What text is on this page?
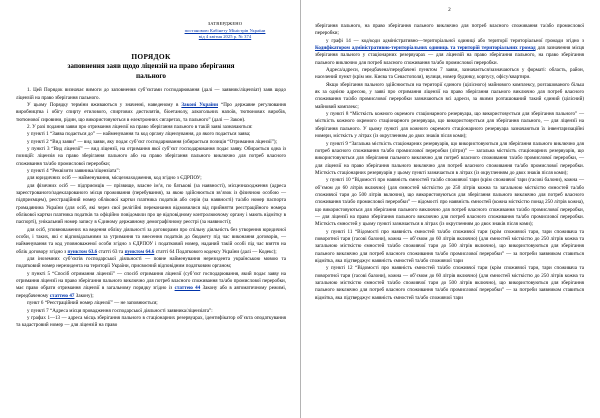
ЗАТВЕРДЖЕНО
постановою Кабінету Міністрів України
від 4 квітня 2025 р. № 374
ПОРЯДОК
заповнення заяв щодо ліцензій на право зберігання
пального

1. Цей Порядок визначає вимоги до заповнення суб’єктами господарювання (далі — заявник/ліцензіат) заяв щодо ліцензій на право зберігання пального.

У цьому Порядку терміни вживаються у значенні, наведеному в Законі України “Про державне регулювання виробництва і обігу спирту етилового, спиртових дистилятів, біоетанолу, алкогольних напоїв, тютюнових виробів, тютюнової сировини, рідин, що використовуються в електронних сигаретах, та пального” (далі — Закон).

2. У разі подання заяви про отримання ліцензії на право зберігання пального в такій заяві зазначаються:

у пункті 1 “Заява подається до” — найменування та код органу ліцензування, до якого подається заява;

у пункті 2 “Вид заяви” — вид заяви, яку подає суб’єкт господарювання (обирається позиція “Отримання ліцензії”);

у пункті 3 “Вид ліцензії” — вид ліцензії, на отримання якої суб’єкт господарювання подає заяву. Обирається одна із позицій: ліцензія на право зберігання пального або на право зберігання пального виключно для потреб власного споживання та/або промислової переробки;

у пункті 4 “Реквізити заявника/ліцензіата”:

для юридичних осіб — найменування, місцезнаходження, код згідно з ЄДРПОУ;

для фізичних осіб — підприємців — прізвище, власне ім’я, по батькові (за наявності), місцезнаходження (адреса зареєстрованого/задекларованого місця проживання (перебування), за якою здійснюється зв’язок із фізичною особою — підприємцем), реєстраційний номер облікової картки платника податків або серія (за наявності) та/або номер паспорта громадянина України (для осіб, які через свої релігійні переконання відмовилися від прийняття реєстраційного номера облікової картки платника податків та офіційно повідомили про це відповідному контролюючому органу і мають відмітку в паспорті), унікальний номер запису в Єдиному державному демографічному реєстрі (за наявності);

для осіб, уповноважених на ведення обліку діяльності за договорами про спільну діяльність без утворення юридичної особи, і таких, які є відповідальними за утримання та внесення податків до бюджету під час виконання договорів, — найменування та код уповноваженої особи згідно з ЄДРПОУ і податковий номер, наданий такій особі під час взяття на облік договору згідно з пунктом 63.6 статті 63 та пунктом 64.6 статті 64 Податкового кодексу України (далі — Кодекс);

для іноземних суб’єктів господарської діяльності — повне найменування нерезидента українською мовою та податковий номер нерезидента на території України, присвоєний відповідним податковим органом;

у пункті 5 “Спосіб отримання ліцензії” — спосіб отримання ліцензії (суб’єкт господарювання, який подає заяву на отримання ліцензії на право зберігання пального виключно для потреб власного споживання та/або промислової переробки, має право обрати отримання ліцензії в загальному порядку згідно із статтею 44 Закону або в автоматичному режимі, передбаченому статтею 47 Закону);

пункт 6 “Реєстраційний номер ліцензії” — не заповнюється;

у пункті 7 “Адреса місця провадження господарської діяльності заявника/ліцензіата”:

у графах 1—13 — адреса місць зберігання пального в стаціонарних резервуарах, ідентифікатор об’єкта оподаткування та кадастровий номер — для ліцензій на право

2

зберігання пального, на право зберігання пального виключно для потреб власного споживання та/або промислової переробки;

у графі 14 — код/коди адміністративно—територіальної одиниці або території територіальної громади згідно з Кодифікатором адміністративно-територіальних одиниць та територій територіальних громад для зазначення місця зберігання пального у стаціонарних резервуарах — для ліцензій на право зберігання пального, на право зберігання пального виключно для потреб власного споживання та/або промислової переробки.

Адреса/адреси, передбачена/передбачені пунктом 7 заяви, зазначається/зазначаються у форматі: область, район, населений пункт (крім мм. Києва та Севастополя), вулиця, номер будинку, корпусу, офісу/квартири.

Якщо зберігання пального здійснюється на території єдиного (цілісного) майнового комплексу, розташованого більш як за однією адресою, у заяві про отримання ліцензії на право зберігання пального виключно для потреб власного споживання та/або промислової переробки зазначаються всі адреси, за якими розташований такий єдиний (цілісний) майновий комплекс;

у пункті 8 “Місткість кожного окремого стаціонарного резервуара, що використовується для зберігання пального” — місткість кожного окремого стаціонарного резервуара, що використовується для зберігання пального, — для ліцензії на зберігання пального. У цьому пункті для кожного окремого стаціонарного резервуара зазначаються їх інвентаризаційні номери, місткість у літрах (із округленням до двох знаків після коми);

у пункті 9 “Загальна місткість стаціонарних резервуарів, що використовуються для зберігання пального виключно для потреб власного споживання та/або промислової переробки (літри)” — загальна місткість стаціонарних резервуарів, що використовуються для зберігання пального виключно для потреб власного споживання та/або промислової переробки, — для ліцензії на право зберігання пального виключно для потреб власного споживання та/або промислової переробки. Місткість стаціонарних резервуарів у цьому пункті зазначається в літрах (із округленням до двох знаків після коми);

у пункті 10 “Відомості про наявність ємностей та/або споживчої тари (крім споживчої тари (гасові балони), кожна — об’ємом до 60 літрів включно) (для ємностей місткістю до 250 літрів кожна та загальною місткістю ємностей та/або споживчої тари до 500 літрів включно), що використовуються для зберігання пального виключно для потреб власного споживання та/або промислової переробки” — відомості про наявність ємностей (кожна місткістю понад 250 літрів кожна), що використовуються для зберігання пального виключно для потреб власного споживання та/або промислової переробки, — для ліцензії на право зберігання пального виключно для потреб власного споживання та/або промислової переробки. Місткість ємностей у цьому пункті зазначається в літрах (із округленням до двох знаків після коми);

у пункті 11 “Відомості про наявність ємностей та/або споживчої тари (крім споживчої тари, тари споживача та поворотної тари (гасові балони), кожна — об’ємом до 60 літрів включно) (для ємностей місткістю до 250 літрів кожна та загальною місткістю ємностей та/або споживчої тари до 500 літрів включно), що використовуються для зберігання пального виключно для потреб власного споживання та/або промислової переробки” — за потреби заявником ставиться відмітка, яка підтверджує наявність ємностей та/або споживчої тари

у пункті 12 “Відомості про наявність ємностей та/або споживчої тари (крім споживчої тари, тари споживача та поворотної тари (гасові балони), кожна — об’ємом до 60 літрів включно) (для ємностей місткістю до 250 літрів кожна та загальною місткістю ємностей та/або споживчої тари до 500 літрів включно), що використовуються для зберігання пального виключно для потреб власного споживання та/або промислової переробки” — за потреби заявником ставиться відмітка, яка підтверджує наявність ємностей та/або споживчої тари
